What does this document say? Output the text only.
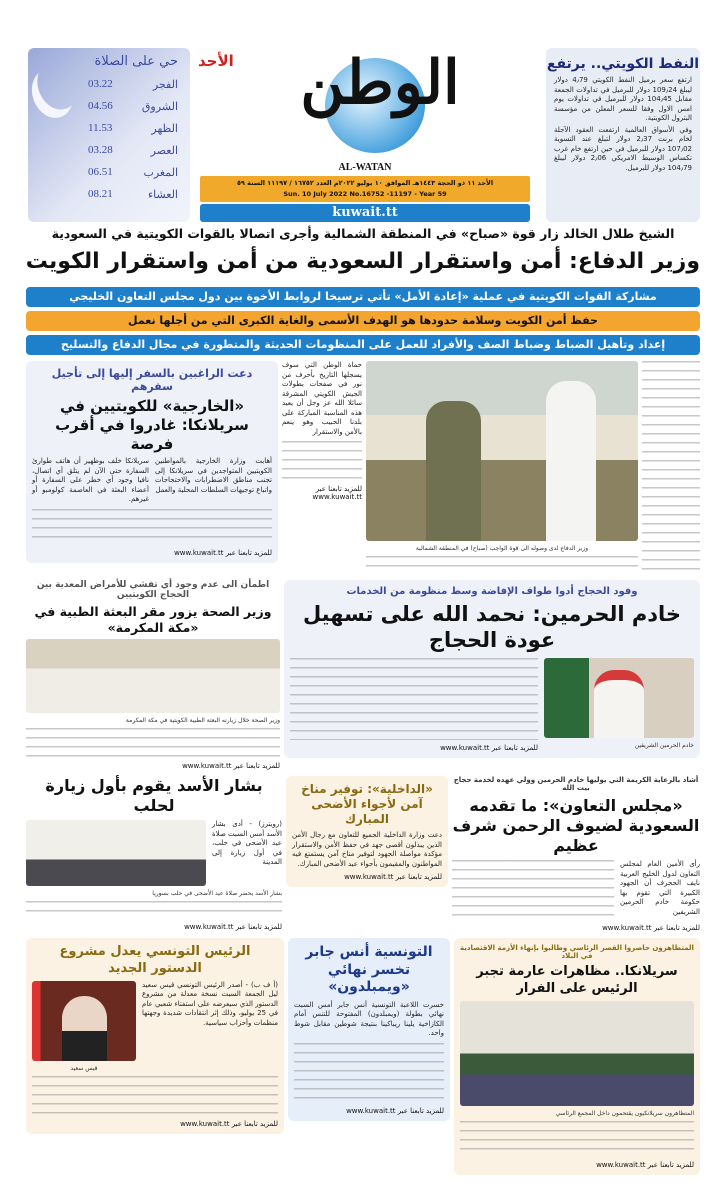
حي على الصلاة
الفجر
03.22
الشروق
04.56
الظهر
11.53
العصر
03.28
المغرب
06.51
العشاء
08.21
الأحد	الوطن
AL-WATAN
الأحد ١١ ذو الحجة ١٤٤٣هـ الموافق ١٠ يوليو ٢٠٢٢م العدد ١٦٧٥٢ / ١١١٩٧ السنة ٥٩
Sun. 10 July 2022 No.16752 -11197 - Year 59
kuwait.tt
النفط الكويتي.. يرتفع

ارتفع سعر برميل النفط الكويتي 4٫79 دولار ليبلغ 109٫24 دولار للبرميل في تداولات الجمعة مقابل 104٫45 دولار للبرميل في تداولات يوم امس الاول وفقا للسعر المعلن من مؤسسة البترول الكويتية.

وفي الأسواق العالمية ارتفعت العقود الآجلة لخام برنت 2٫37 دولار لتبلغ عند التسوية 107٫02 دولار للبرميل في حين ارتفع خام غرب تكساس الوسيط الامريكي 2٫06 دولار ليبلغ 104٫79 دولار للبرميل.

الشيخ طلال الخالد زار قوة «صباح» في المنطقة الشمالية وأجرى اتصالا بالقوات الكويتية في السعودية
وزير الدفاع: أمن واستقرار السعودية من أمن واستقرار الكويت
مشاركة القوات الكويتية في عملية «إعادة الأمل» تأتي ترسيخا لروابط الأخوة بين دول مجلس التعاون الخليجي
حفظ أمن الكويت وسلامة حدودها هو الهدف الأسمى والغاية الكبرى التي من أجلها نعمل
إعداد وتأهيل الضباط وضباط الصف والأفراد للعمل على المنظومات الحديثة والمتطورة في مجال الدفاع والتسليح
وزير الدفاع لدى وصوله الى قوة الواجب (صباح) في المنطقة الشمالية
حماة الوطن التي سوف يسجلها التاريخ بأحرف من نور في صفحات بطولات الجيش الكويتي المشرقة سائلا الله عز وجل أن يعيد هذه المناسبة المباركة على بلدنا الحبيب وهو ينعم بالأمن والاستقرار
للمزيد تابعنا عبر www.kuwait.tt
دعت الراغبين بالسفر إليها إلى تأجيل سفرهم
«الخارجية» للكويتيين في سريلانكا: غادروا في أقرب فرصة
أهابت وزارة الخارجية بالمواطنين الكويتيين المتواجدين في سريلانكا إلى تجنب مناطق الاضطرابات والاحتجاجات واتباع توجيهات السلطات المحلية والعمل
سريلانكا خلف بوظهير أن هاتف طوارئ السفارة حتى الآن لم يتلق أي اتصال، نافيا وجود أي خطر على السفارة أو أعضاء البعثة في العاصمة كولومبو أو غيرهم.
للمزيد تابعنا عبر www.kuwait.tt
وفود الحجاج أدوا طواف الإفاضة وسط منظومة من الخدمات
خادم الحرمين: نحمد الله على تسهيل عودة الحجاج
خادم الحرمين الشريفين
للمزيد تابعنا عبر www.kuwait.tt
اطمأن الى عدم وجود أي تفشي للأمراض المعدية بين الحجاج الكويتيين
وزير الصحة يزور مقر البعثة الطبية في «مكة المكرمة»
وزير الصحة خلال زيارته البعثة الطبية الكويتية في مكة المكرمة
للمزيد تابعنا عبر www.kuwait.tt
أشاد بالرعاية الكريمة التي يوليها خادم الحرمين وولي عهده لخدمة حجاج بيت الله
«مجلس التعاون»: ما تقدمه السعودية لضيوف الرحمن شرف عظيم
رأى الأمين العام لمجلس التعاون لدول الخليج العربية نايف الحجرف أن الجهود الكبيرة التي تقوم بها حكومة خادم الحرمين الشريفين
للمزيد تابعنا عبر www.kuwait.tt
«الداخلية»: توفير مناخ آمن لأجواء الأضحى المبارك
دعت وزارة الداخلية الجميع للتعاون مع رجال الأمن الذين يبذلون أقصى جهد في حفظ الأمن والاستقرار مؤكدة مواصلة الجهود لتوفير مناخ آمن يستمتع فيه المواطنون والمقيمون بأجواء عيد الأضحى المبارك.
للمزيد تابعنا عبر www.kuwait.tt
بشار الأسد يقوم بأول زيارة لحلب
(رويترز) - أدى بشار الأسد أمس السبت صلاة عيد الأضحى في حلب، في أول زيارة إلى المدينة
بشار الأسد يحضر صلاة عيد الأضحى في حلب بسوريا
للمزيد تابعنا عبر www.kuwait.tt
المتظاهرون حاصروا القصر الرئاسي وطالبوا بإنهاء الأزمة الاقتصادية في البلاد
سريلانكا.. مظاهرات عارمة تجبر الرئيس على الفرار
المتظاهرون سريلانكيون يقتحمون داخل المجمع الرئاسي
للمزيد تابعنا عبر www.kuwait.tt
التونسية أنس جابر تخسر نهائي «ويمبلدون»
خسرت اللاعبة التونسية أنس جابر أمس السبت نهائي بطولة (ويمبلدون) المفتوحة للتنس أمام الكازاخية يلينا ريباكينا بنتيجة شوطين مقابل شوط واحد.
للمزيد تابعنا عبر www.kuwait.tt
الرئيس التونسي يعدل مشروع الدستور الجديد
(أ ف ب) - أصدر الرئيس التونسي قيس سعيد ليل الجمعة السبت نسخة معدلة من مشروع الدستور الذي سيعرضه على استفتاء شعبي عام في 25 يوليو، وذلك إثر انتقادات شديدة وجهتها منظمات وأحزاب سياسية.
قيس سعيد
للمزيد تابعنا عبر www.kuwait.tt
